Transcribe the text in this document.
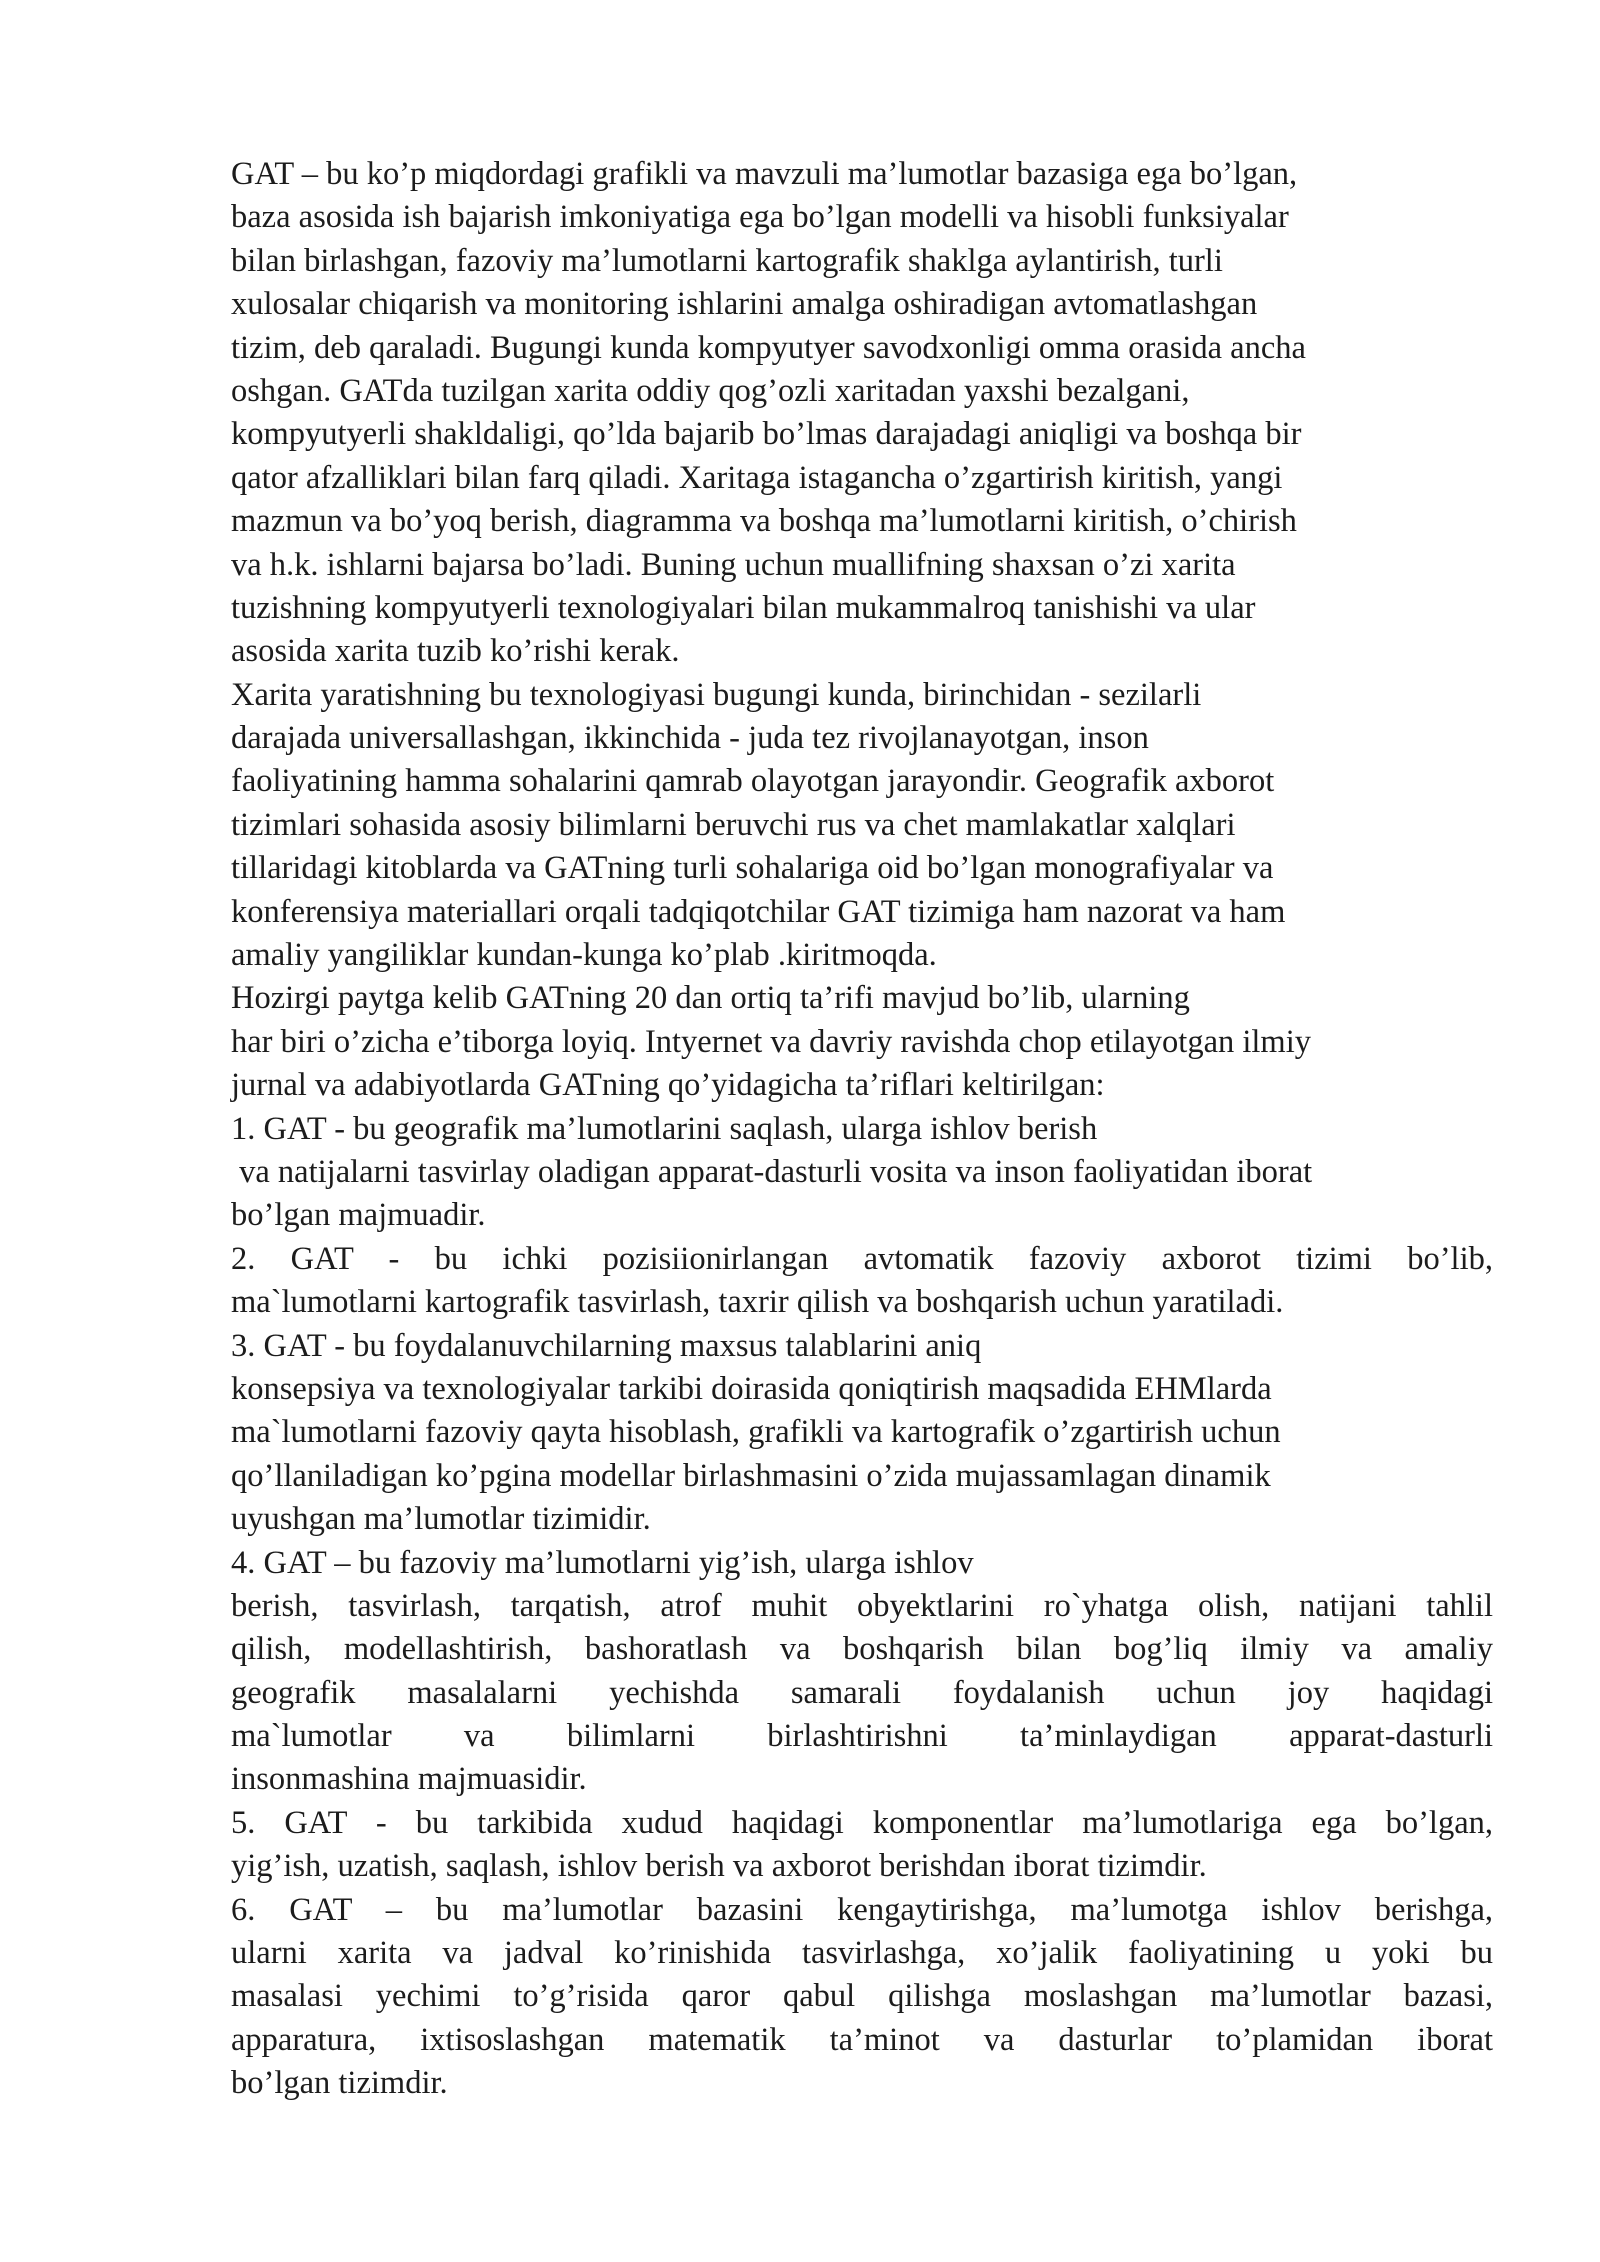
GAT – bu ko’p miqdordagi grafikli va mavzuli ma’lumotlar bazasiga ega bo’lgan,
baza asosida ish bajarish imkoniyatiga ega bo’lgan modelli va hisobli funksiyalar
bilan birlashgan, fazoviy ma’lumotlarni kartografik shaklga aylantirish, turli
xulosalar chiqarish va monitoring ishlarini amalga oshiradigan avtomatlashgan
tizim, deb qaraladi. Bugungi kunda kompyutyer savodxonligi omma orasida ancha
oshgan. GATda tuzilgan xarita oddiy qog’ozli xaritadan yaxshi bezalgani,
kompyutyerli shakldaligi, qo’lda bajarib bo’lmas darajadagi aniqligi va boshqa bir
qator afzalliklari bilan farq qiladi. Xaritaga istagancha o’zgartirish kiritish, yangi
mazmun va bo’yoq berish, diagramma va boshqa ma’lumotlarni kiritish, o’chirish
va h.k. ishlarni bajarsa bo’ladi. Buning uchun muallifning shaxsan o’zi xarita
tuzishning kompyutyerli texnologiyalari bilan mukammalroq tanishishi va ular
asosida xarita tuzib ko’rishi kerak.
Xarita yaratishning bu texnologiyasi bugungi kunda, birinchidan - sezilarli
darajada universallashgan, ikkinchida - juda tez rivojlanayotgan, inson
faoliyatining hamma sohalarini qamrab olayotgan jarayondir. Geografik axborot
tizimlari sohasida asosiy bilimlarni beruvchi rus va chet mamlakatlar xalqlari
tillaridagi kitoblarda va GATning turli sohalariga oid bo’lgan monografiyalar va
konferensiya materiallari orqali tadqiqotchilar GAT tizimiga ham nazorat va ham
amaliy yangiliklar kundan-kunga ko’plab .kiritmoqda.
Hozirgi paytga kelib GATning 20 dan ortiq ta’rifi mavjud bo’lib, ularning
har biri o’zicha e’tiborga loyiq. Intyernet va davriy ravishda chop etilayotgan ilmiy
jurnal va adabiyotlarda GATning qo’yidagicha ta’riflari keltirilgan:
1. GAT - bu geografik ma’lumotlarini saqlash, ularga ishlov berish
va natijalarni tasvirlay oladigan apparat-dasturli vosita va inson faoliyatidan iborat
bo’lgan majmuadir.
2. GAT - bu ichki pozisiionirlangan avtomatik fazoviy axborot tizimi bo’lib,
ma`lumotlarni kartografik tasvirlash, taxrir qilish va boshqarish uchun yaratiladi.
3. GAT - bu foydalanuvchilarning maxsus talablarini aniq
konsepsiya va texnologiyalar tarkibi doirasida qoniqtirish maqsadida EHMlarda
ma`lumotlarni fazoviy qayta hisoblash, grafikli va kartografik o’zgartirish uchun
qo’llaniladigan ko’pgina modellar birlashmasini o’zida mujassamlagan dinamik
uyushgan ma’lumotlar tizimidir.
4. GAT – bu fazoviy ma’lumotlarni yig’ish, ularga ishlov
berish, tasvirlash, tarqatish, atrof muhit obyektlarini ro`yhatga olish, natijani tahlil
qilish, modellashtirish, bashoratlash va boshqarish bilan bog’liq ilmiy va amaliy
geografik masalalarni yechishda samarali foydalanish uchun joy haqidagi
ma`lumotlar va bilimlarni birlashtirishni ta’minlaydigan apparat-dasturli
insonmashina majmuasidir.
5. GAT - bu tarkibida xudud haqidagi komponentlar ma’lumotlariga ega bo’lgan,
yig’ish, uzatish, saqlash, ishlov berish va axborot berishdan iborat tizimdir.
6. GAT – bu ma’lumotlar bazasini kengaytirishga, ma’lumotga ishlov berishga,
ularni xarita va jadval ko’rinishida tasvirlashga, xo’jalik faoliyatining u yoki bu
masalasi yechimi to’g’risida qaror qabul qilishga moslashgan ma’lumotlar bazasi,
apparatura, ixtisoslashgan matematik ta’minot va dasturlar to’plamidan iborat
bo’lgan tizimdir.
